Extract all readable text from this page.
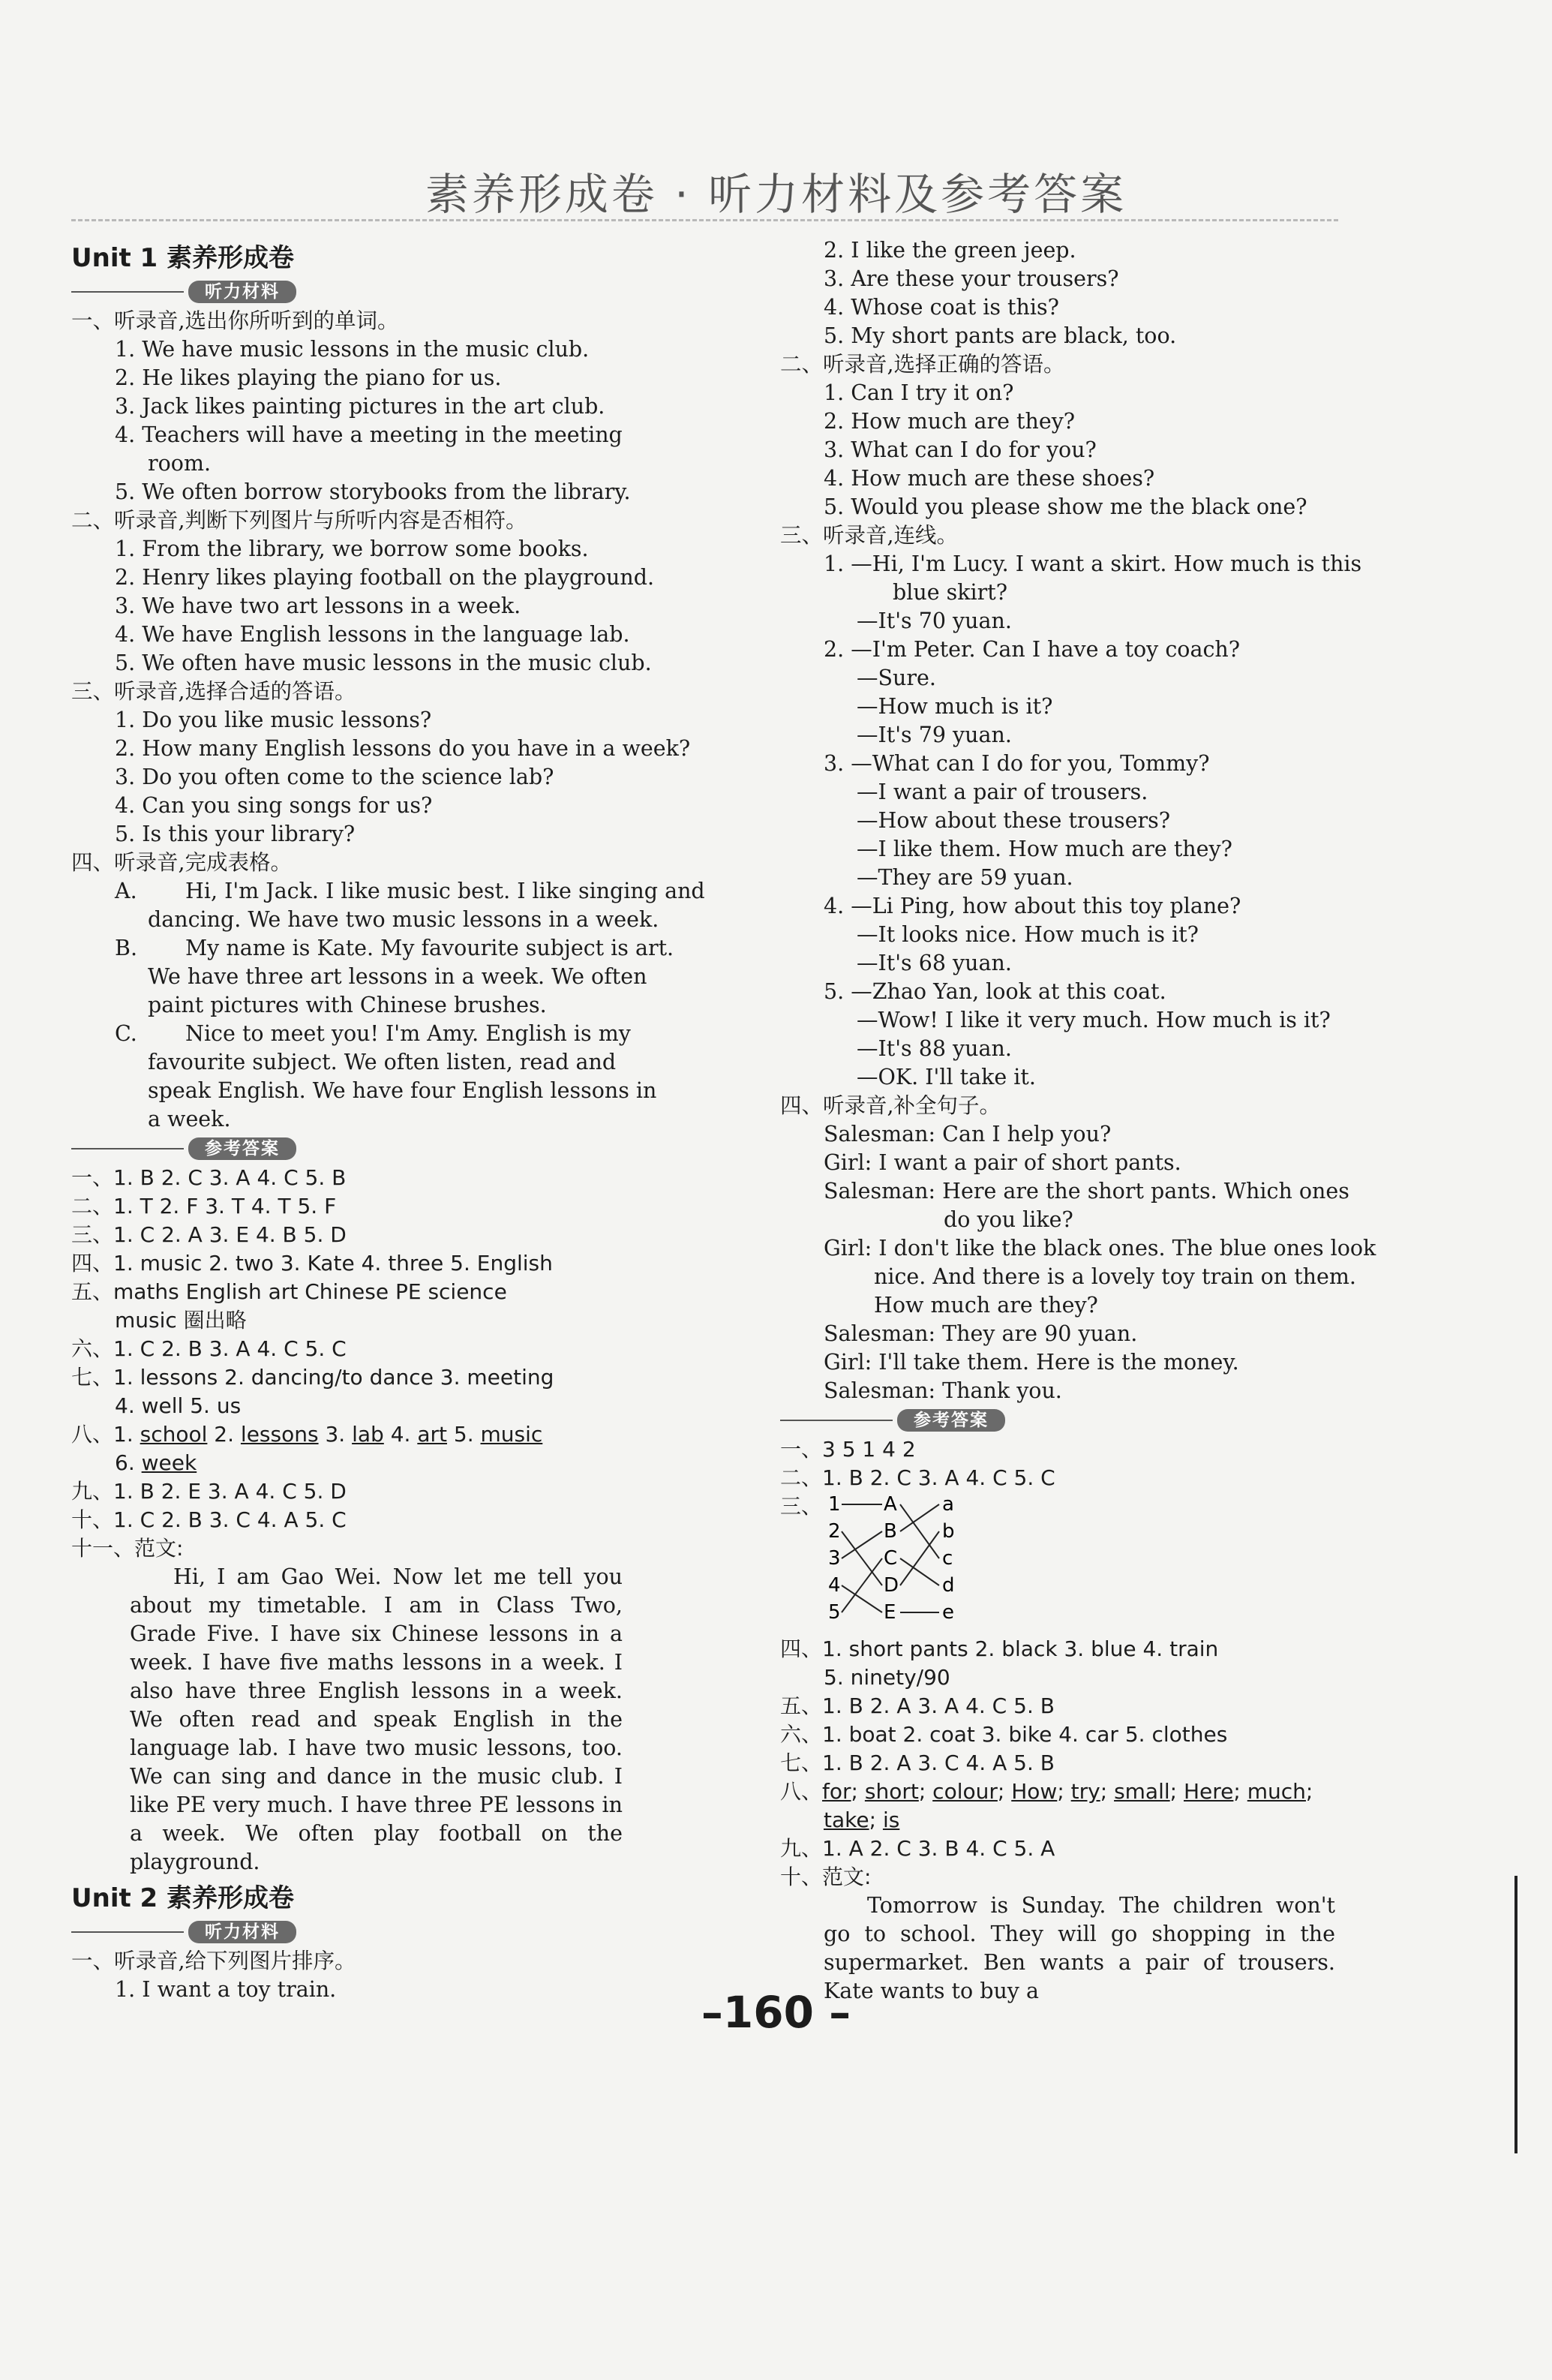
素养形成卷 · 听力材料及参考答案
Unit 1 素养形成卷
听力材料
一、听录音,选出你所听到的单词。
1. We have music lessons in the music club.
2. He likes playing the piano for us.
3. Jack likes painting pictures in the art club.
4. Teachers will have a meeting in the meeting
room.
5. We often borrow storybooks from the library.
二、听录音,判断下列图片与所听内容是否相符。
1. From the library, we borrow some books.
2. Henry likes playing football on the playground.
3. We have two art lessons in a week.
4. We have English lessons in the language lab.
5. We often have music lessons in the music club.
三、听录音,选择合适的答语。
1. Do you like music lessons?
2. How many English lessons do you have in a week?
3. Do you often come to the science lab?
4. Can you sing songs for us?
5. Is this your library?
四、听录音,完成表格。
A. Hi, I'm Jack. I like music best. I like singing and
dancing. We have two music lessons in a week.
B. My name is Kate. My favourite subject is art.
We have three art lessons in a week. We often
paint pictures with Chinese brushes.
C. Nice to meet you! I'm Amy. English is my
favourite subject. We often listen, read and
speak English. We have four English lessons in
a week.
参考答案
一、1. B 2. C 3. A 4. C 5. B
二、1. T 2. F 3. T 4. T 5. F
三、1. C 2. A 3. E 4. B 5. D
四、1. music 2. two 3. Kate 4. three 5. English
五、maths English art Chinese PE science
music 圈出略
六、1. C 2. B 3. A 4. C 5. C
七、1. lessons 2. dancing/to dance 3. meeting
4. well 5. us
八、1. school 2. lessons 3. lab 4. art 5. music
6. week
九、1. B 2. E 3. A 4. C 5. D
十、1. C 2. B 3. C 4. A 5. C
十一、范文:
Hi, I am Gao Wei. Now let me tell you about my timetable. I am in Class Two, Grade Five. I have six Chinese lessons in a week. I have five maths lessons in a week. I also have three English lessons in a week. We often read and speak English in the language lab. I have two music lessons, too. We can sing and dance in the music club. I like PE very much. I have three PE lessons in a week. We often play football on the playground.
Unit 2 素养形成卷
听力材料
一、听录音,给下列图片排序。
1. I want a toy train.
2. I like the green jeep.
3. Are these your trousers?
4. Whose coat is this?
5. My short pants are black, too.
二、听录音,选择正确的答语。
1. Can I try it on?
2. How much are they?
3. What can I do for you?
4. How much are these shoes?
5. Would you please show me the black one?
三、听录音,连线。
1. —Hi, I'm Lucy. I want a skirt. How much is this
blue skirt?
—It's 70 yuan.
2. —I'm Peter. Can I have a toy coach?
—Sure.
—How much is it?
—It's 79 yuan.
3. —What can I do for you, Tommy?
—I want a pair of trousers.
—How about these trousers?
—I like them. How much are they?
—They are 59 yuan.
4. —Li Ping, how about this toy plane?
—It looks nice. How much is it?
—It's 68 yuan.
5. —Zhao Yan, look at this coat.
—Wow! I like it very much. How much is it?
—It's 88 yuan.
—OK. I'll take it.
四、听录音,补全句子。
Salesman: Can I help you?
Girl: I want a pair of short pants.
Salesman: Here are the short pants. Which ones
do you like?
Girl: I don't like the black ones. The blue ones look
nice. And there is a lovely toy train on them.
How much are they?
Salesman: They are 90 yuan.
Girl: I'll take them. Here is the money.
Salesman: Thank you.
参考答案
一、3 5 1 4 2
二、1. B 2. C 3. A 4. C 5. C
三、 1
2
3
4
5
A
B
C
D
E
a
b
c
d
e
四、1. short pants 2. black 3. blue 4. train
5. ninety/90
五、1. B 2. A 3. A 4. C 5. B
六、1. boat 2. coat 3. bike 4. car 5. clothes
七、1. B 2. A 3. C 4. A 5. B
八、for; short; colour; How; try; small; Here; much;
take; is
九、1. A 2. C 3. B 4. C 5. A
十、范文:
Tomorrow is Sunday. The children won't go to school. They will go shopping in the supermarket. Ben wants a pair of trousers. Kate wants to buy a
–160 –
